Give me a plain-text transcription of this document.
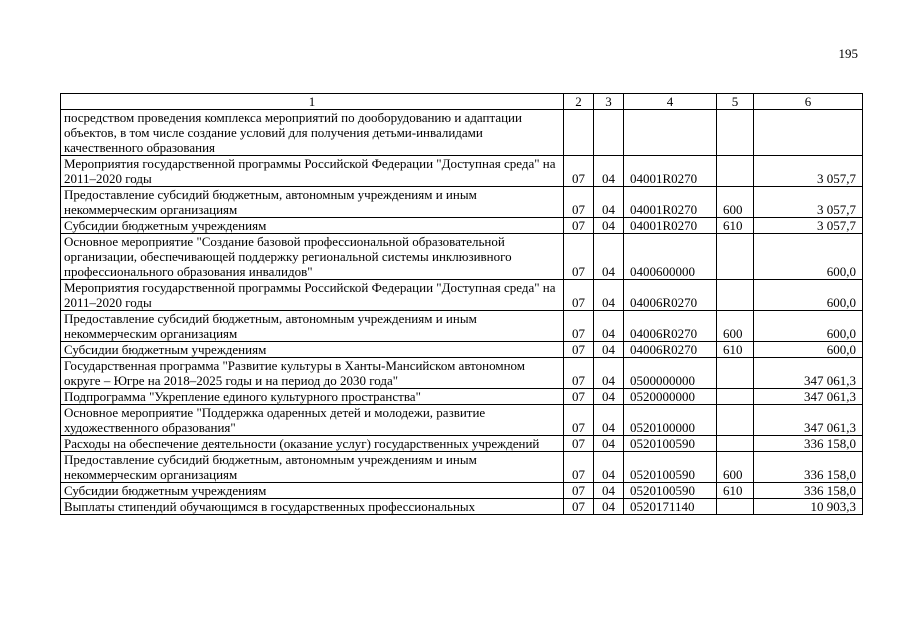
195
1	2	3	4	5	6
посредством проведения комплекса мероприятий по дооборудованию и адаптации объектов, в том числе создание условий для получения детьми-инвалидами качественного образования					
Мероприятия государственной программы Российской Федерации "Доступная среда" на 2011–2020 годы	07	04	04001R0270		3 057,7
Предоставление субсидий бюджетным, автономным учреждениям и иным некоммерческим организациям	07	04	04001R0270	600	3 057,7
Субсидии бюджетным учреждениям	07	04	04001R0270	610	3 057,7
Основное мероприятие "Создание базовой профессиональной образовательной организации, обеспечивающей поддержку региональной системы инклюзивного профессионального образования инвалидов"	07	04	0400600000		600,0
Мероприятия государственной программы Российской Федерации "Доступная среда" на 2011–2020 годы	07	04	04006R0270		600,0
Предоставление субсидий бюджетным, автономным учреждениям и иным некоммерческим организациям	07	04	04006R0270	600	600,0
Субсидии бюджетным учреждениям	07	04	04006R0270	610	600,0
Государственная программа "Развитие культуры в Ханты-Мансийском автономном округе – Югре на 2018–2025 годы и на период до 2030 года"	07	04	0500000000		347 061,3
Подпрограмма "Укрепление единого культурного пространства"	07	04	0520000000		347 061,3
Основное мероприятие "Поддержка одаренных детей и молодежи, развитие художественного образования"	07	04	0520100000		347 061,3
Расходы на обеспечение деятельности (оказание услуг) государственных учреждений	07	04	0520100590		336 158,0
Предоставление субсидий бюджетным, автономным учреждениям и иным некоммерческим организациям	07	04	0520100590	600	336 158,0
Субсидии бюджетным учреждениям	07	04	0520100590	610	336 158,0
Выплаты стипендий обучающимся в государственных профессиональных	07	04	0520171140		10 903,3
